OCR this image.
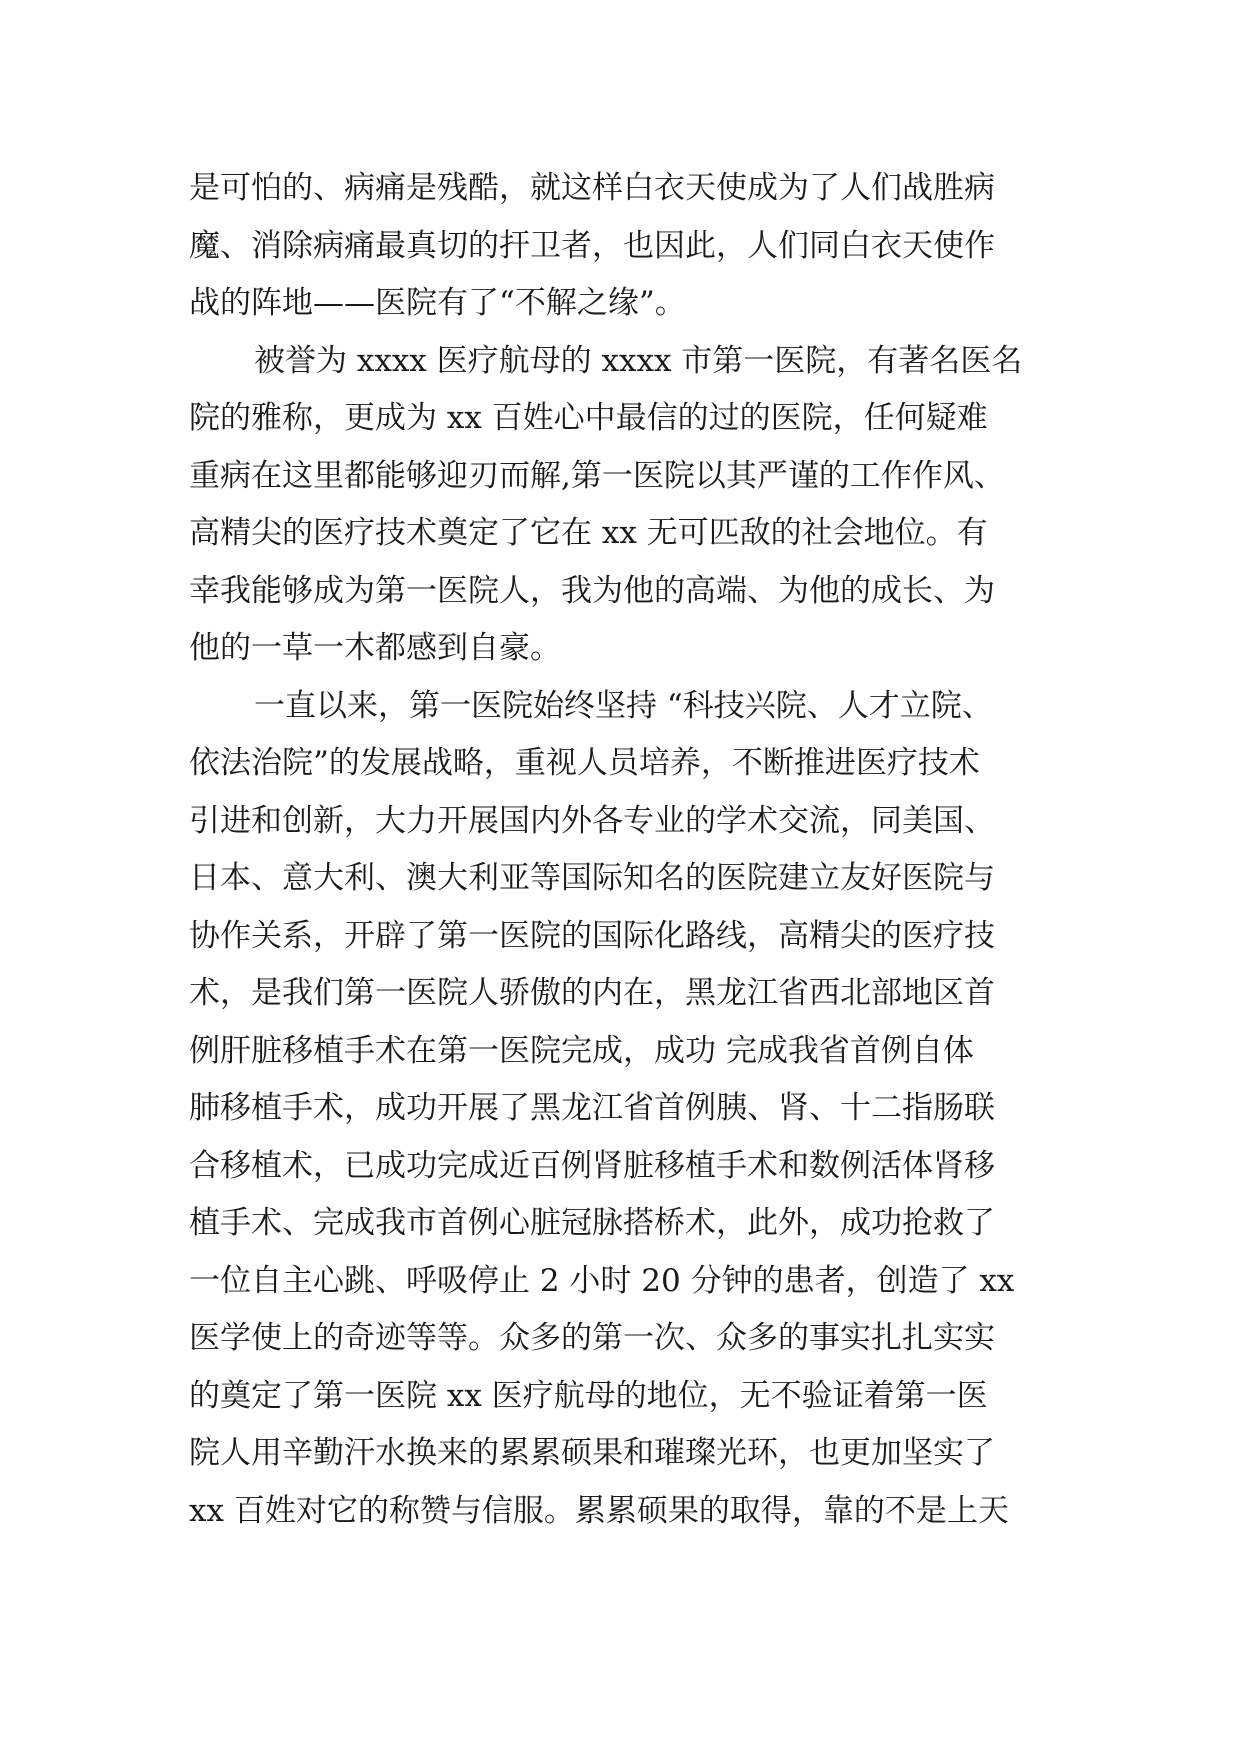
是可怕的、病痛是残酷，就这样白衣天使成为了人们战胜病
魔、消除病痛最真切的扞卫者，也因此，人们同白衣天使作
战的阵地——医院有了“不解之缘”。
被誉为 xxxx 医疗航母的 xxxx 市第一医院，有著名医名
院的雅称，更成为 xx 百姓心中最信的过的医院，任何疑难
重病在这里都能够迎刃而解,第一医院以其严谨的工作作风、
高精尖的医疗技术奠定了它在 xx 无可匹敌的社会地位。有
幸我能够成为第一医院人，我为他的高端、为他的成长、为
他的一草一木都感到自豪。
一直以来，第一医院始终坚持 “科技兴院、人才立院、
依法治院”的发展战略，重视人员培养，不断推进医疗技术
引进和创新，大力开展国内外各专业的学术交流，同美国、
日本、意大利、澳大利亚等国际知名的医院建立友好医院与
协作关系，开辟了第一医院的国际化路线，高精尖的医疗技
术，是我们第一医院人骄傲的内在，黑龙江省西北部地区首
例肝脏移植手术在第一医院完成，成功 完成我省首例自体
肺移植手术，成功开展了黑龙江省首例胰、肾、十二指肠联
合移植术，已成功完成近百例肾脏移植手术和数例活体肾移
植手术、完成我市首例心脏冠脉搭桥术，此外，成功抢救了
一位自主心跳、呼吸停止 2 小时 20 分钟的患者，创造了 xx
医学使上的奇迹等等。众多的第一次、众多的事实扎扎实实
的奠定了第一医院 xx 医疗航母的地位，无不验证着第一医
院人用辛勤汗水换来的累累硕果和璀璨光环，也更加坚实了
xx 百姓对它的称赞与信服。累累硕果的取得，靠的不是上天
